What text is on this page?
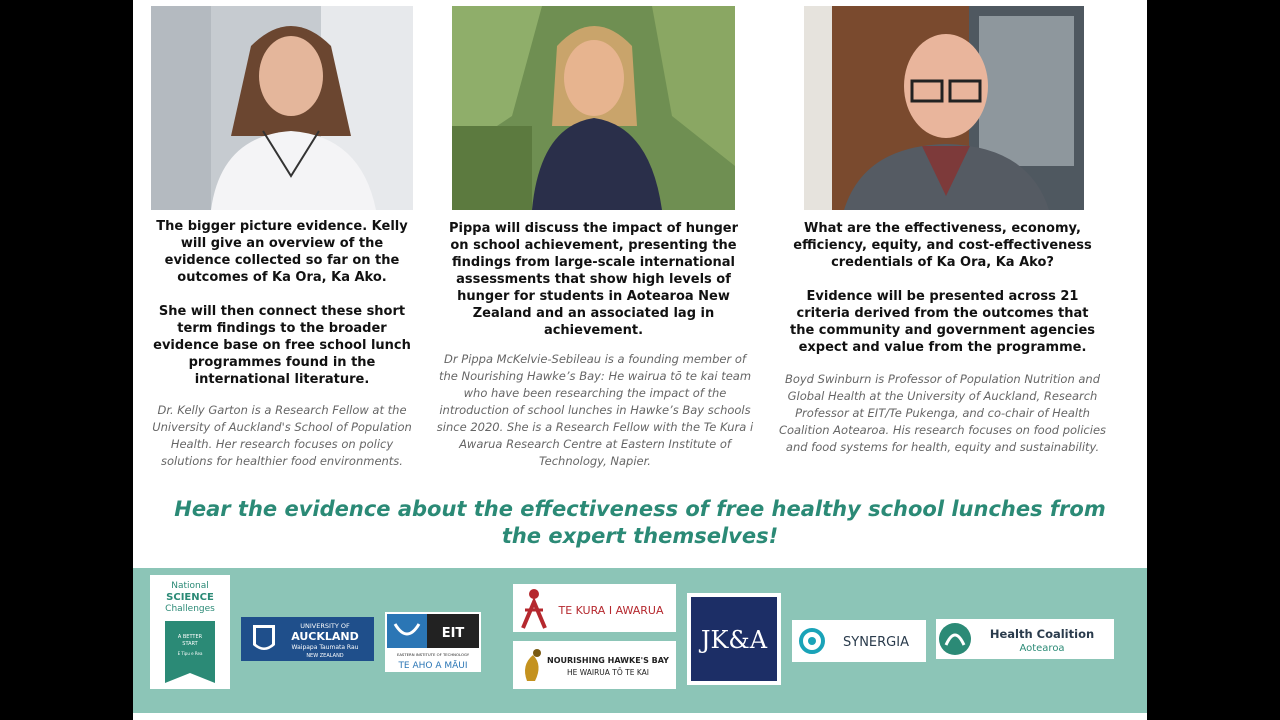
The bigger picture evidence. Kelly will give an overview of the evidence collected so far on the outcomes of Ka Ora, Ka Ako.

She will then connect these short term findings to the broader evidence base on free school lunch programmes found in the international literature.

Dr. Kelly Garton is a Research Fellow at the University of Auckland's School of Population Health. Her research focuses on policy solutions for healthier food environments.

Pippa will discuss the impact of hunger on school achievement, presenting the findings from large-scale international assessments that show high levels of hunger for students in Aotearoa New Zealand and an associated lag in achievement.

Dr Pippa McKelvie-Sebileau is a founding member of the Nourishing Hawke’s Bay: He wairua tō te kai team who have been researching the impact of the introduction of school lunches in Hawke’s Bay schools since 2020. She is a Research Fellow with the Te Kura i Awarua Research Centre at Eastern Institute of Technology, Napier.

What are the effectiveness, economy, efficiency, equity, and cost-effectiveness credentials of Ka Ora, Ka Ako?

Evidence will be presented across 21 criteria derived from the outcomes that the community and government agencies expect and value from the programme.

Boyd Swinburn is Professor of Population Nutrition and Global Health at the University of Auckland, Research Professor at EIT/Te Pukenga, and co-chair of Health Coalition Aotearoa. His research focuses on food policies and food systems for health, equity and sustainability.
Hear the evidence about the effectiveness of free healthy school lunches from the expert themselves!
National
SCIENCE
Challenges
A BETTER
START
E Tipu e Rea
UNIVERSITY OF
AUCKLAND
Waipapa Taumata Rau
NEW ZEALAND
EIT
EASTERN INSTITUTE OF TECHNOLOGY
TE AHO A MĀUI
TE KURA I AWARUA
NOURISHING HAWKE'S BAY
HE WAIRUA TŌ TE KAI
JK&A	SYNERGIA
Health Coalition
Aotearoa
